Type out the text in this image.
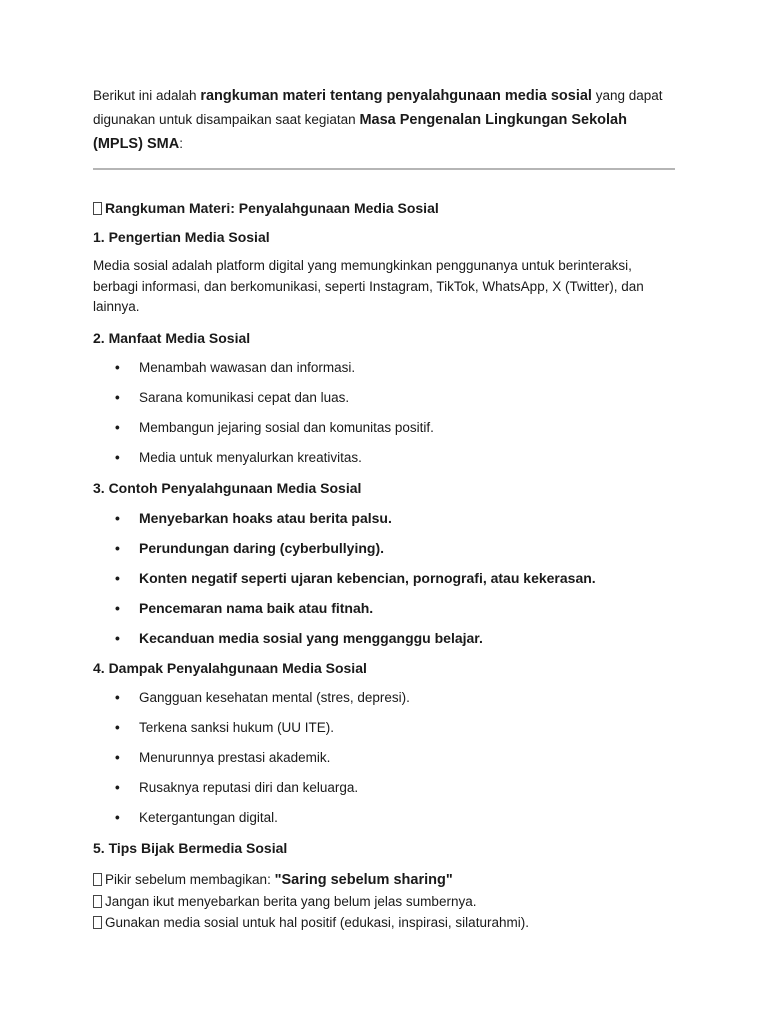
Berikut ini adalah rangkuman materi tentang penyalahgunaan media sosial yang dapat digunakan untuk disampaikan saat kegiatan Masa Pengenalan Lingkungan Sekolah (MPLS) SMA:

Rangkuman Materi: Penyalahgunaan Media Sosial

1. Pengertian Media Sosial

Media sosial adalah platform digital yang memungkinkan penggunanya untuk berinteraksi, berbagi informasi, dan berkomunikasi, seperti Instagram, TikTok, WhatsApp, X (Twitter), dan lainnya.

2. Manfaat Media Sosial
• Menambah wawasan dan informasi.
• Sarana komunikasi cepat dan luas.
• Membangun jejaring sosial dan komunitas positif.
• Media untuk menyalurkan kreativitas.
3. Contoh Penyalahgunaan Media Sosial
• Menyebarkan hoaks atau berita palsu.
• Perundungan daring (cyberbullying).
• Konten negatif seperti ujaran kebencian, pornografi, atau kekerasan.
• Pencemaran nama baik atau fitnah.
• Kecanduan media sosial yang mengganggu belajar.
4. Dampak Penyalahgunaan Media Sosial
• Gangguan kesehatan mental (stres, depresi).
• Terkena sanksi hukum (UU ITE).
• Menurunnya prestasi akademik.
• Rusaknya reputasi diri dan keluarga.
• Ketergantungan digital.
5. Tips Bijak Bermedia Sosial

Pikir sebelum membagikan: "Saring sebelum sharing"

Jangan ikut menyebarkan berita yang belum jelas sumbernya.

Gunakan media sosial untuk hal positif (edukasi, inspirasi, silaturahmi).
